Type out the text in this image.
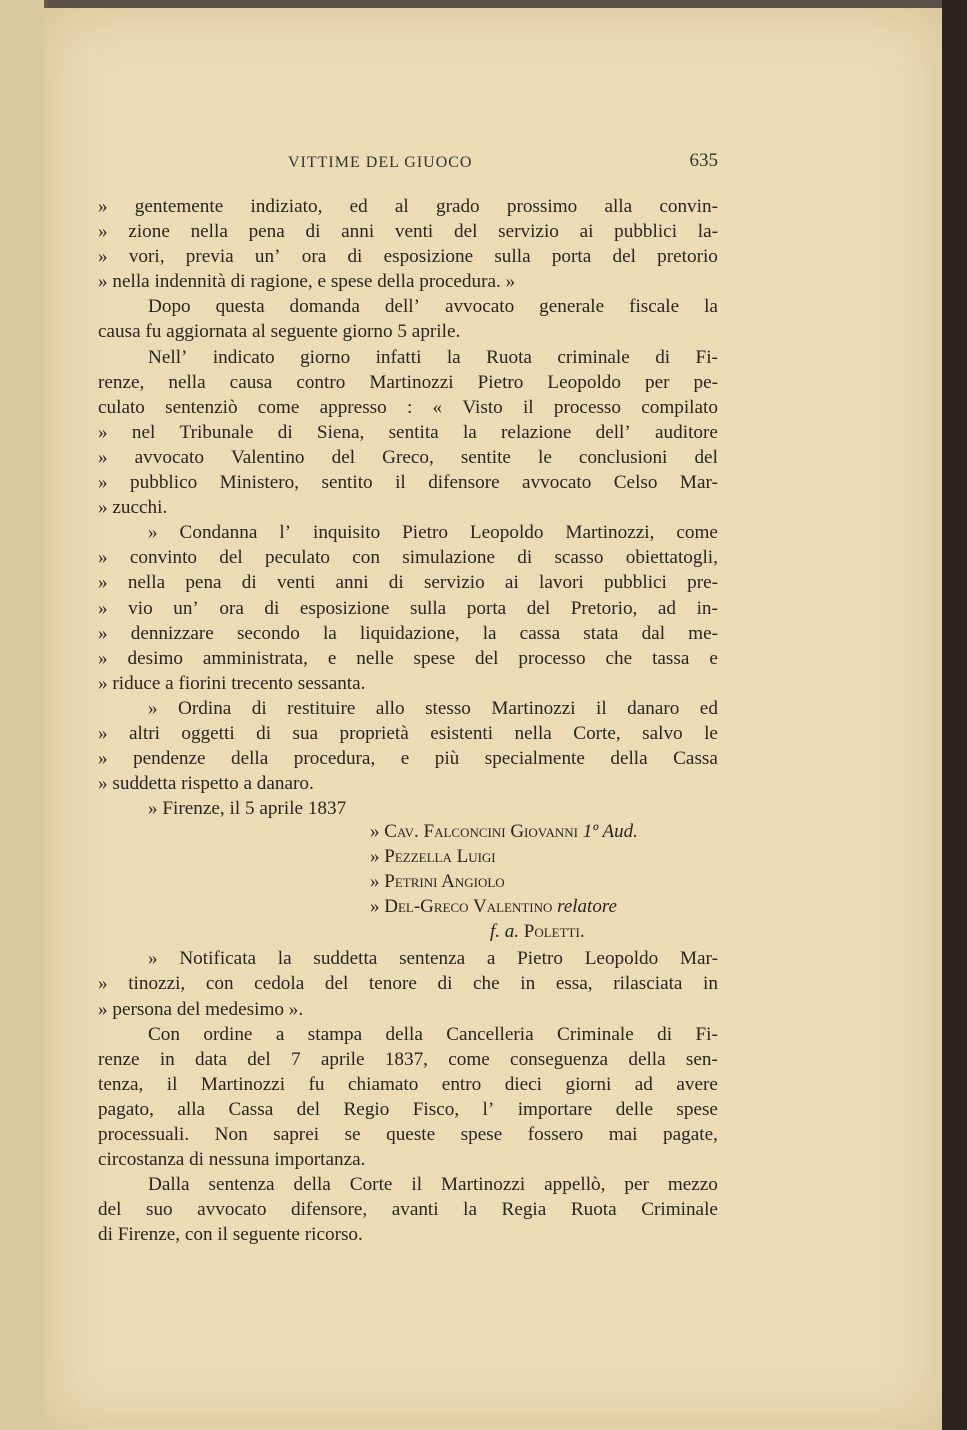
VITTIME DEL GIUOCO	635
» gentemente indiziato, ed al grado prossimo alla convin-
» zione nella pena di anni venti del servizio ai pubblici la-
» vori, previa un’ ora di esposizione sulla porta del pretorio
» nella indennità di ragione, e spese della procedura. »
Dopo questa domanda dell’ avvocato generale fiscale la
causa fu aggiornata al seguente giorno 5 aprile.
Nell’ indicato giorno infatti la Ruota criminale di Fi-
renze, nella causa contro Martinozzi Pietro Leopoldo per pe-
culato sentenziò come appresso : « Visto il processo compilato
» nel Tribunale di Siena, sentita la relazione dell’ auditore
» avvocato Valentino del Greco, sentite le conclusioni del
» pubblico Ministero, sentito il difensore avvocato Celso Mar-
» zucchi.
» Condanna l’ inquisito Pietro Leopoldo Martinozzi, come
» convinto del peculato con simulazione di scasso obiettatogli,
» nella pena di venti anni di servizio ai lavori pubblici pre-
» vio un’ ora di esposizione sulla porta del Pretorio, ad in-
» dennizzare secondo la liquidazione, la cassa stata dal me-
» desimo amministrata, e nelle spese del processo che tassa e
» riduce a fiorini trecento sessanta.
» Ordina di restituire allo stesso Martinozzi il danaro ed
» altri oggetti di sua proprietà esistenti nella Corte, salvo le
» pendenze della procedura, e più specialmente della Cassa
» suddetta rispetto a danaro.
» Firenze, il 5 aprile 1837
» Cav. Falconcini Giovanni 1º Aud.
» Pezzella Luigi
» Petrini Angiolo
» Del-Greco Valentino relatore
f. a. Poletti.
» Notificata la suddetta sentenza a Pietro Leopoldo Mar-
» tinozzi, con cedola del tenore di che in essa, rilasciata in
» persona del medesimo ».
Con ordine a stampa della Cancelleria Criminale di Fi-
renze in data del 7 aprile 1837, come conseguenza della sen-
tenza, il Martinozzi fu chiamato entro dieci giorni ad avere
pagato, alla Cassa del Regio Fisco, l’ importare delle spese
processuali. Non saprei se queste spese fossero mai pagate,
circostanza di nessuna importanza.
Dalla sentenza della Corte il Martinozzi appellò, per mezzo
del suo avvocato difensore, avanti la Regia Ruota Criminale
di Firenze, con il seguente ricorso.
